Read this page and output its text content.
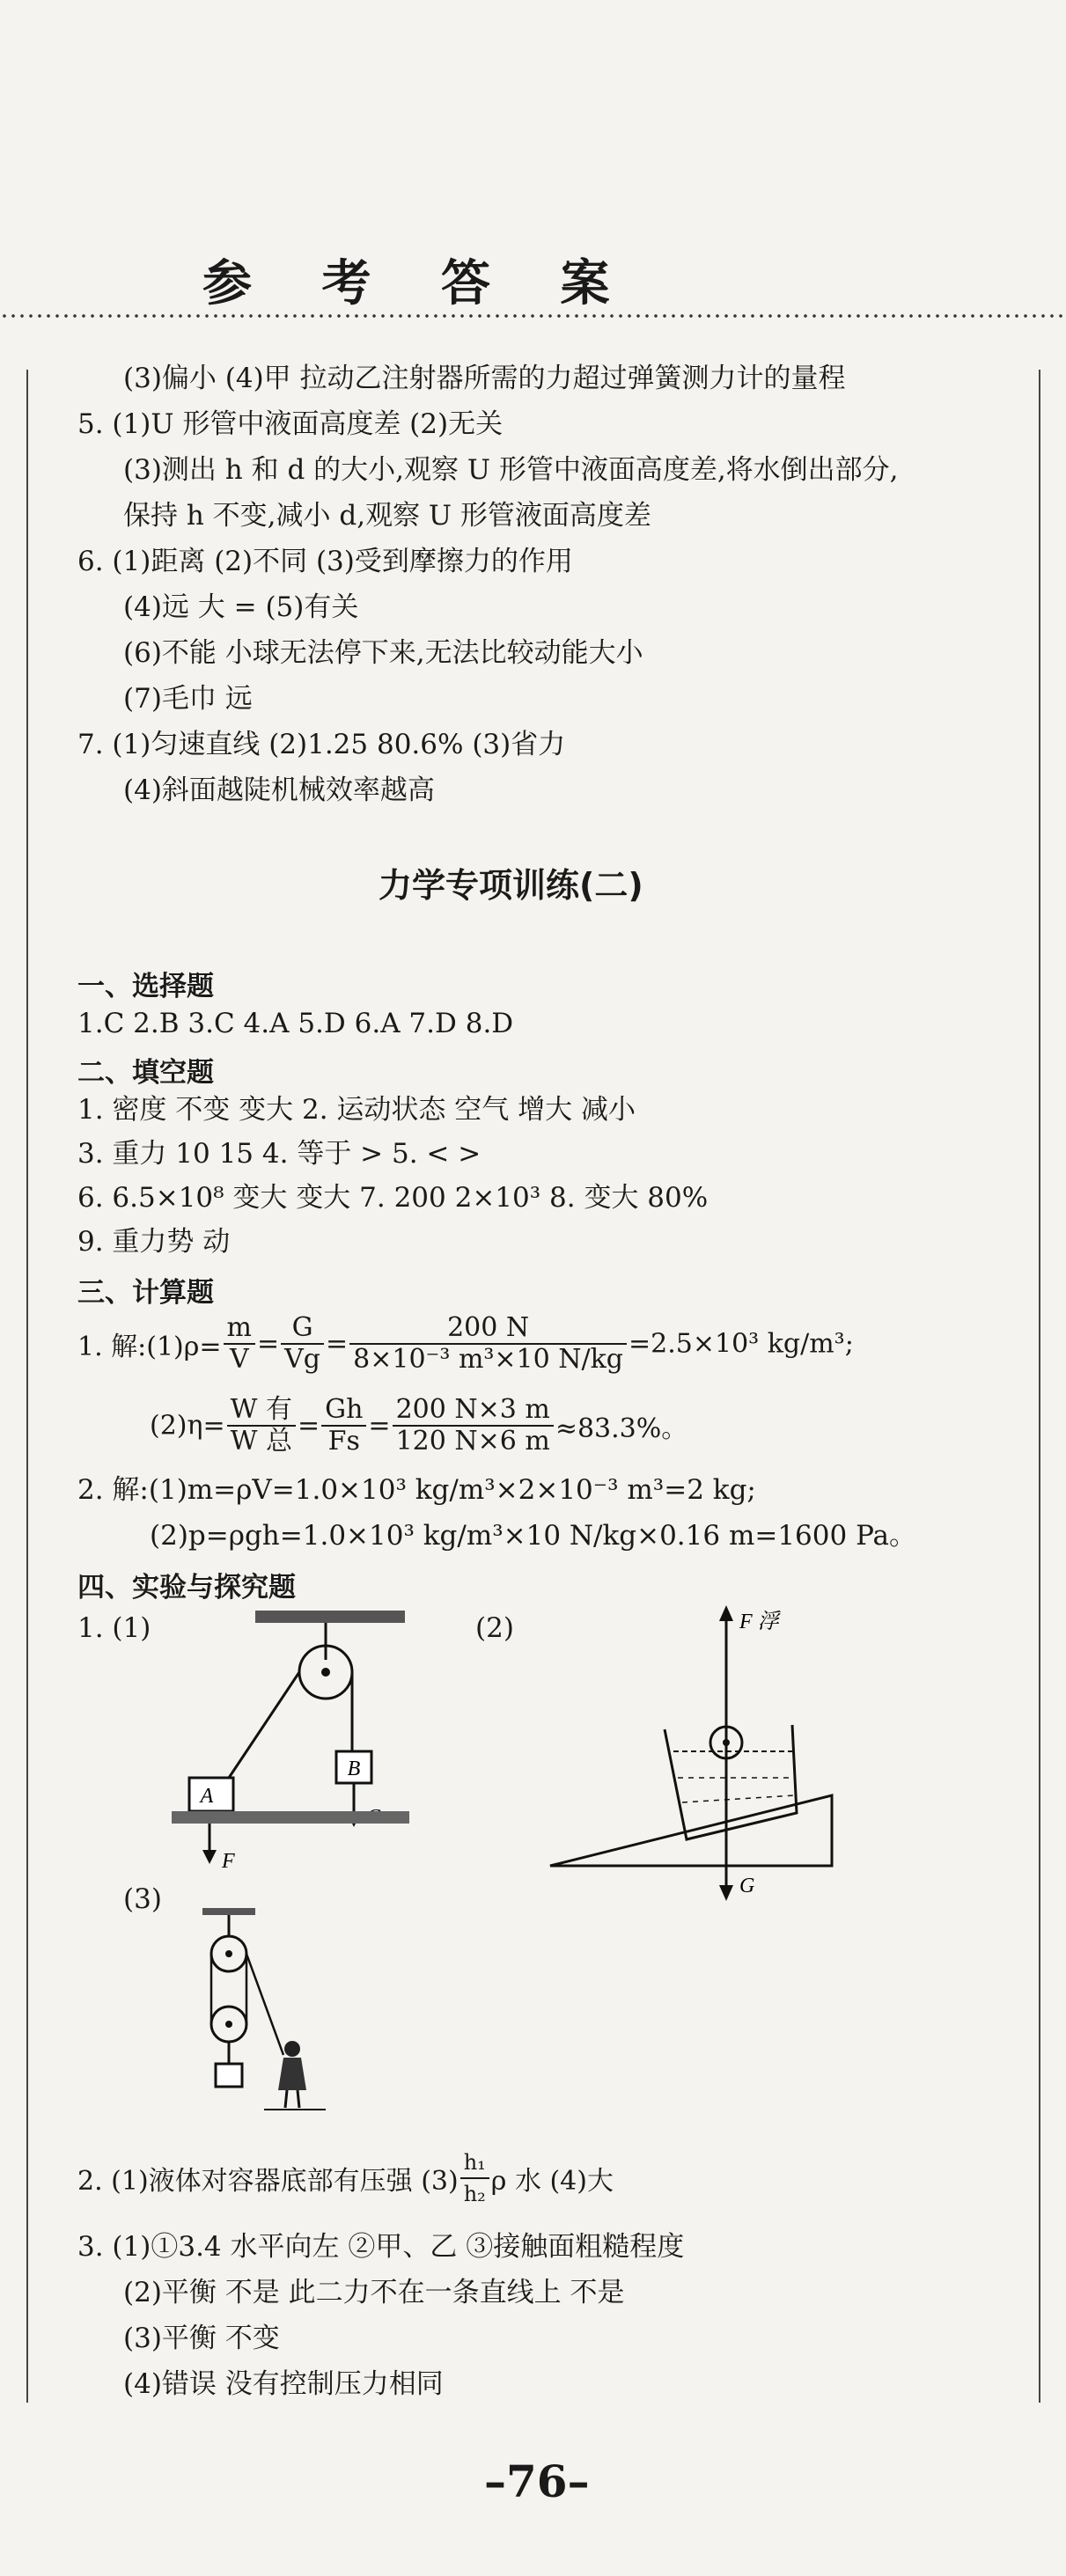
参 考 答 案
(3)偏小 (4)甲 拉动乙注射器所需的力超过弹簧测力计的量程
5. (1)U 形管中液面高度差 (2)无关
(3)测出 h 和 d 的大小,观察 U 形管中液面高度差,将水倒出部分,
保持 h 不变,减小 d,观察 U 形管液面高度差
6. (1)距离 (2)不同 (3)受到摩擦力的作用
(4)远 大 = (5)有关
(6)不能 小球无法停下来,无法比较动能大小
(7)毛巾 远
7. (1)匀速直线 (2)1.25 80.6% (3)省力
(4)斜面越陡机械效率越高
力学专项训练(二)
一、选择题
1.C 2.B 3.C 4.A 5.D 6.A 7.D 8.D
二、填空题
1. 密度 不变 变大 2. 运动状态 空气 增大 减小
3. 重力 10 15 4. 等于 > 5. < >
6. 6.5×10⁸ 变大 变大 7. 200 2×10³ 8. 变大 80%
9. 重力势 动
三、计算题
1. 解:(1)ρ= $\frac{m}{V} = \frac{G}{Vg} = \frac{200 N}{\text{8×10⁻³ m³×10 N/kg}} =2.5\times 10^3$ kg/m³;
$(2)\eta= \frac{\text{W 有}}{\text{W 总}} = \frac{Gh}{Fs} = \frac{200 N\times 3 m}{120 N\times 6 m} \approx 83.3\%$。
2. 解:(1)m=ρV=1.0×10³ kg/m³×2×10⁻³ m³=2 kg;
(2)p=ρgh=1.0×10³ kg/m³×10 N/kg×0.16 m=1600 Pa。
四、实验与探究题
1. (1)	(2)
(3)
B
A
F
F 浮
G
2. (1)液体对容器底部有压强 $(3) \frac{\text{h₁}}{\text{h₂}}$ ρ 水 (4)大
3. (1)①3.4 水平向左 ②甲、乙 ③接触面粗糙程度
(2)平衡 不是 此二力不在一条直线上 不是
(3)平衡 不变
(4)错误 没有控制压力相同
–76–
